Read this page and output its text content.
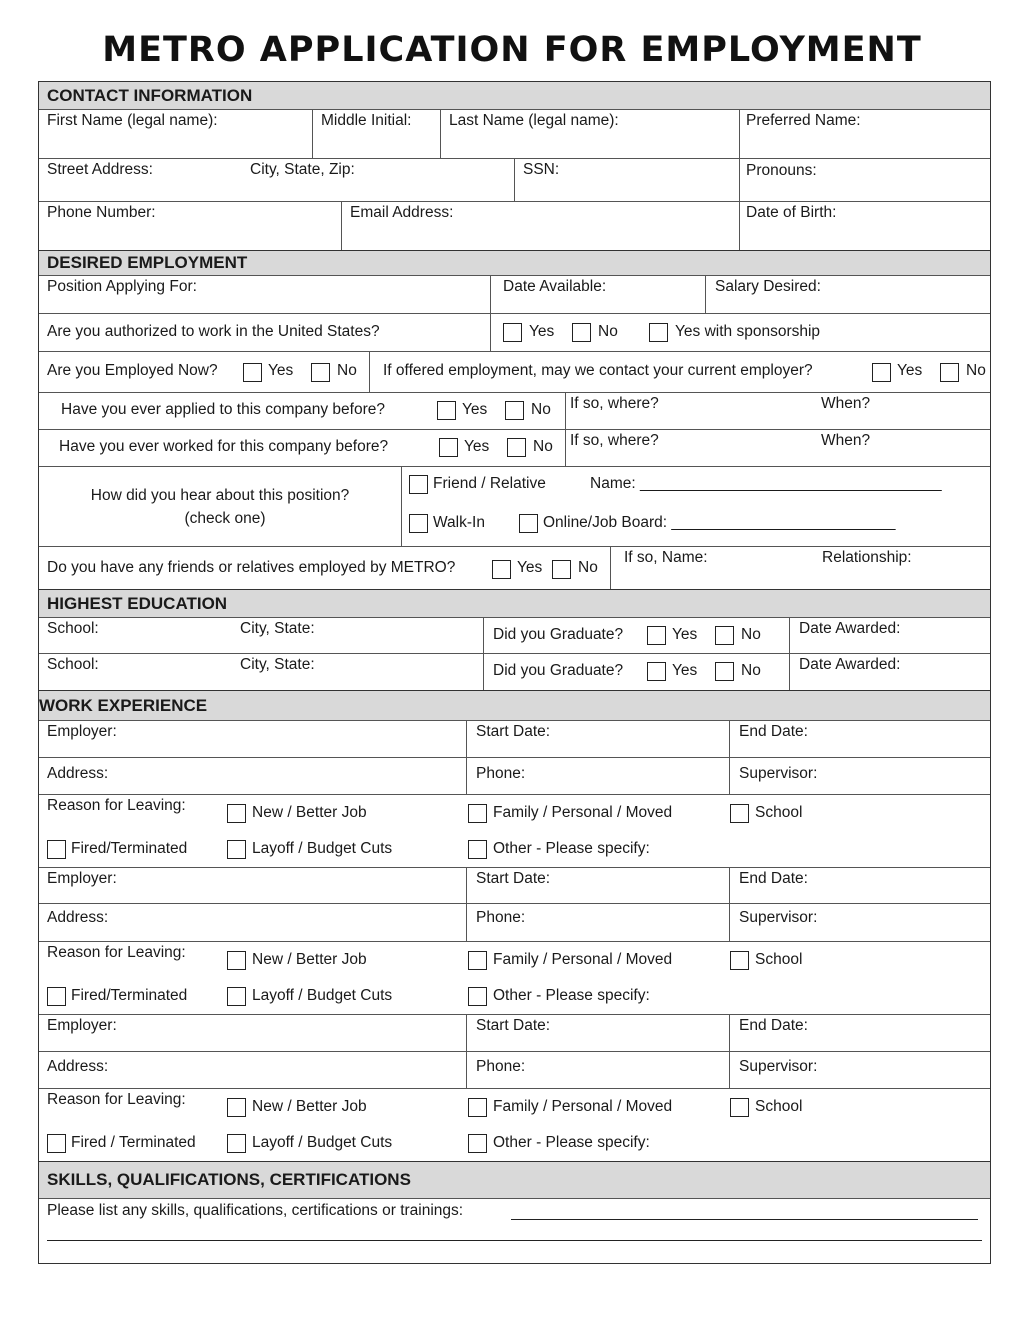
METRO APPLICATION FOR EMPLOYMENT
CONTACT INFORMATION
First Name (legal name):	Middle Initial: Last Name (legal name):	Preferred Name:
Street Address:	City, State, Zip:	SSN:	Pronouns:
Phone Number:	Email Address:	Date of Birth:
DESIRED EMPLOYMENT
Position Applying For:	Date Available:	Salary Desired:
Are you authorized to work in the United States?	Yes	No	Yes with sponsorship
Are you Employed Now?	Yes	No If offered employment, may we contact your current employer?	Yes	No
Have you ever applied to this company before?	Yes	No If so, where?	When?
Have you ever worked for this company before?	Yes	No If so, where?	When?
How did you hear about this position?
(check one)
Friend / Relative	Name: ___________________________________
Walk-In	Online/Job Board: __________________________
Do you have any friends or relatives employed by METRO?	Yes No
If so, Name:	Relationship:
HIGHEST EDUCATION
School:	City, State:	Did you Graduate?	Yes	No Date Awarded:
School:	City, State:	Did you Graduate?	Yes	No Date Awarded:
WORK EXPERIENCE
Employer:	Start Date:	End Date:
Address:	Phone:	Supervisor:
Reason for Leaving:	New / Better Job	Family / Personal / Moved	School
Fired/Terminated	Layoff / Budget Cuts	Other - Please specify:
Employer:	Start Date:	End Date:
Address:	Phone:	Supervisor:
Reason for Leaving:	New / Better Job	Family / Personal / Moved	School
Fired/Terminated	Layoff / Budget Cuts	Other - Please specify:
Employer:	Start Date:	End Date:
Address:	Phone:	Supervisor:
Reason for Leaving:	New / Better Job	Family / Personal / Moved	School
Fired / Terminated	Layoff / Budget Cuts	Other - Please specify:
SKILLS, QUALIFICATIONS, CERTIFICATIONS
Please list any skills, qualifications, certifications or trainings:
